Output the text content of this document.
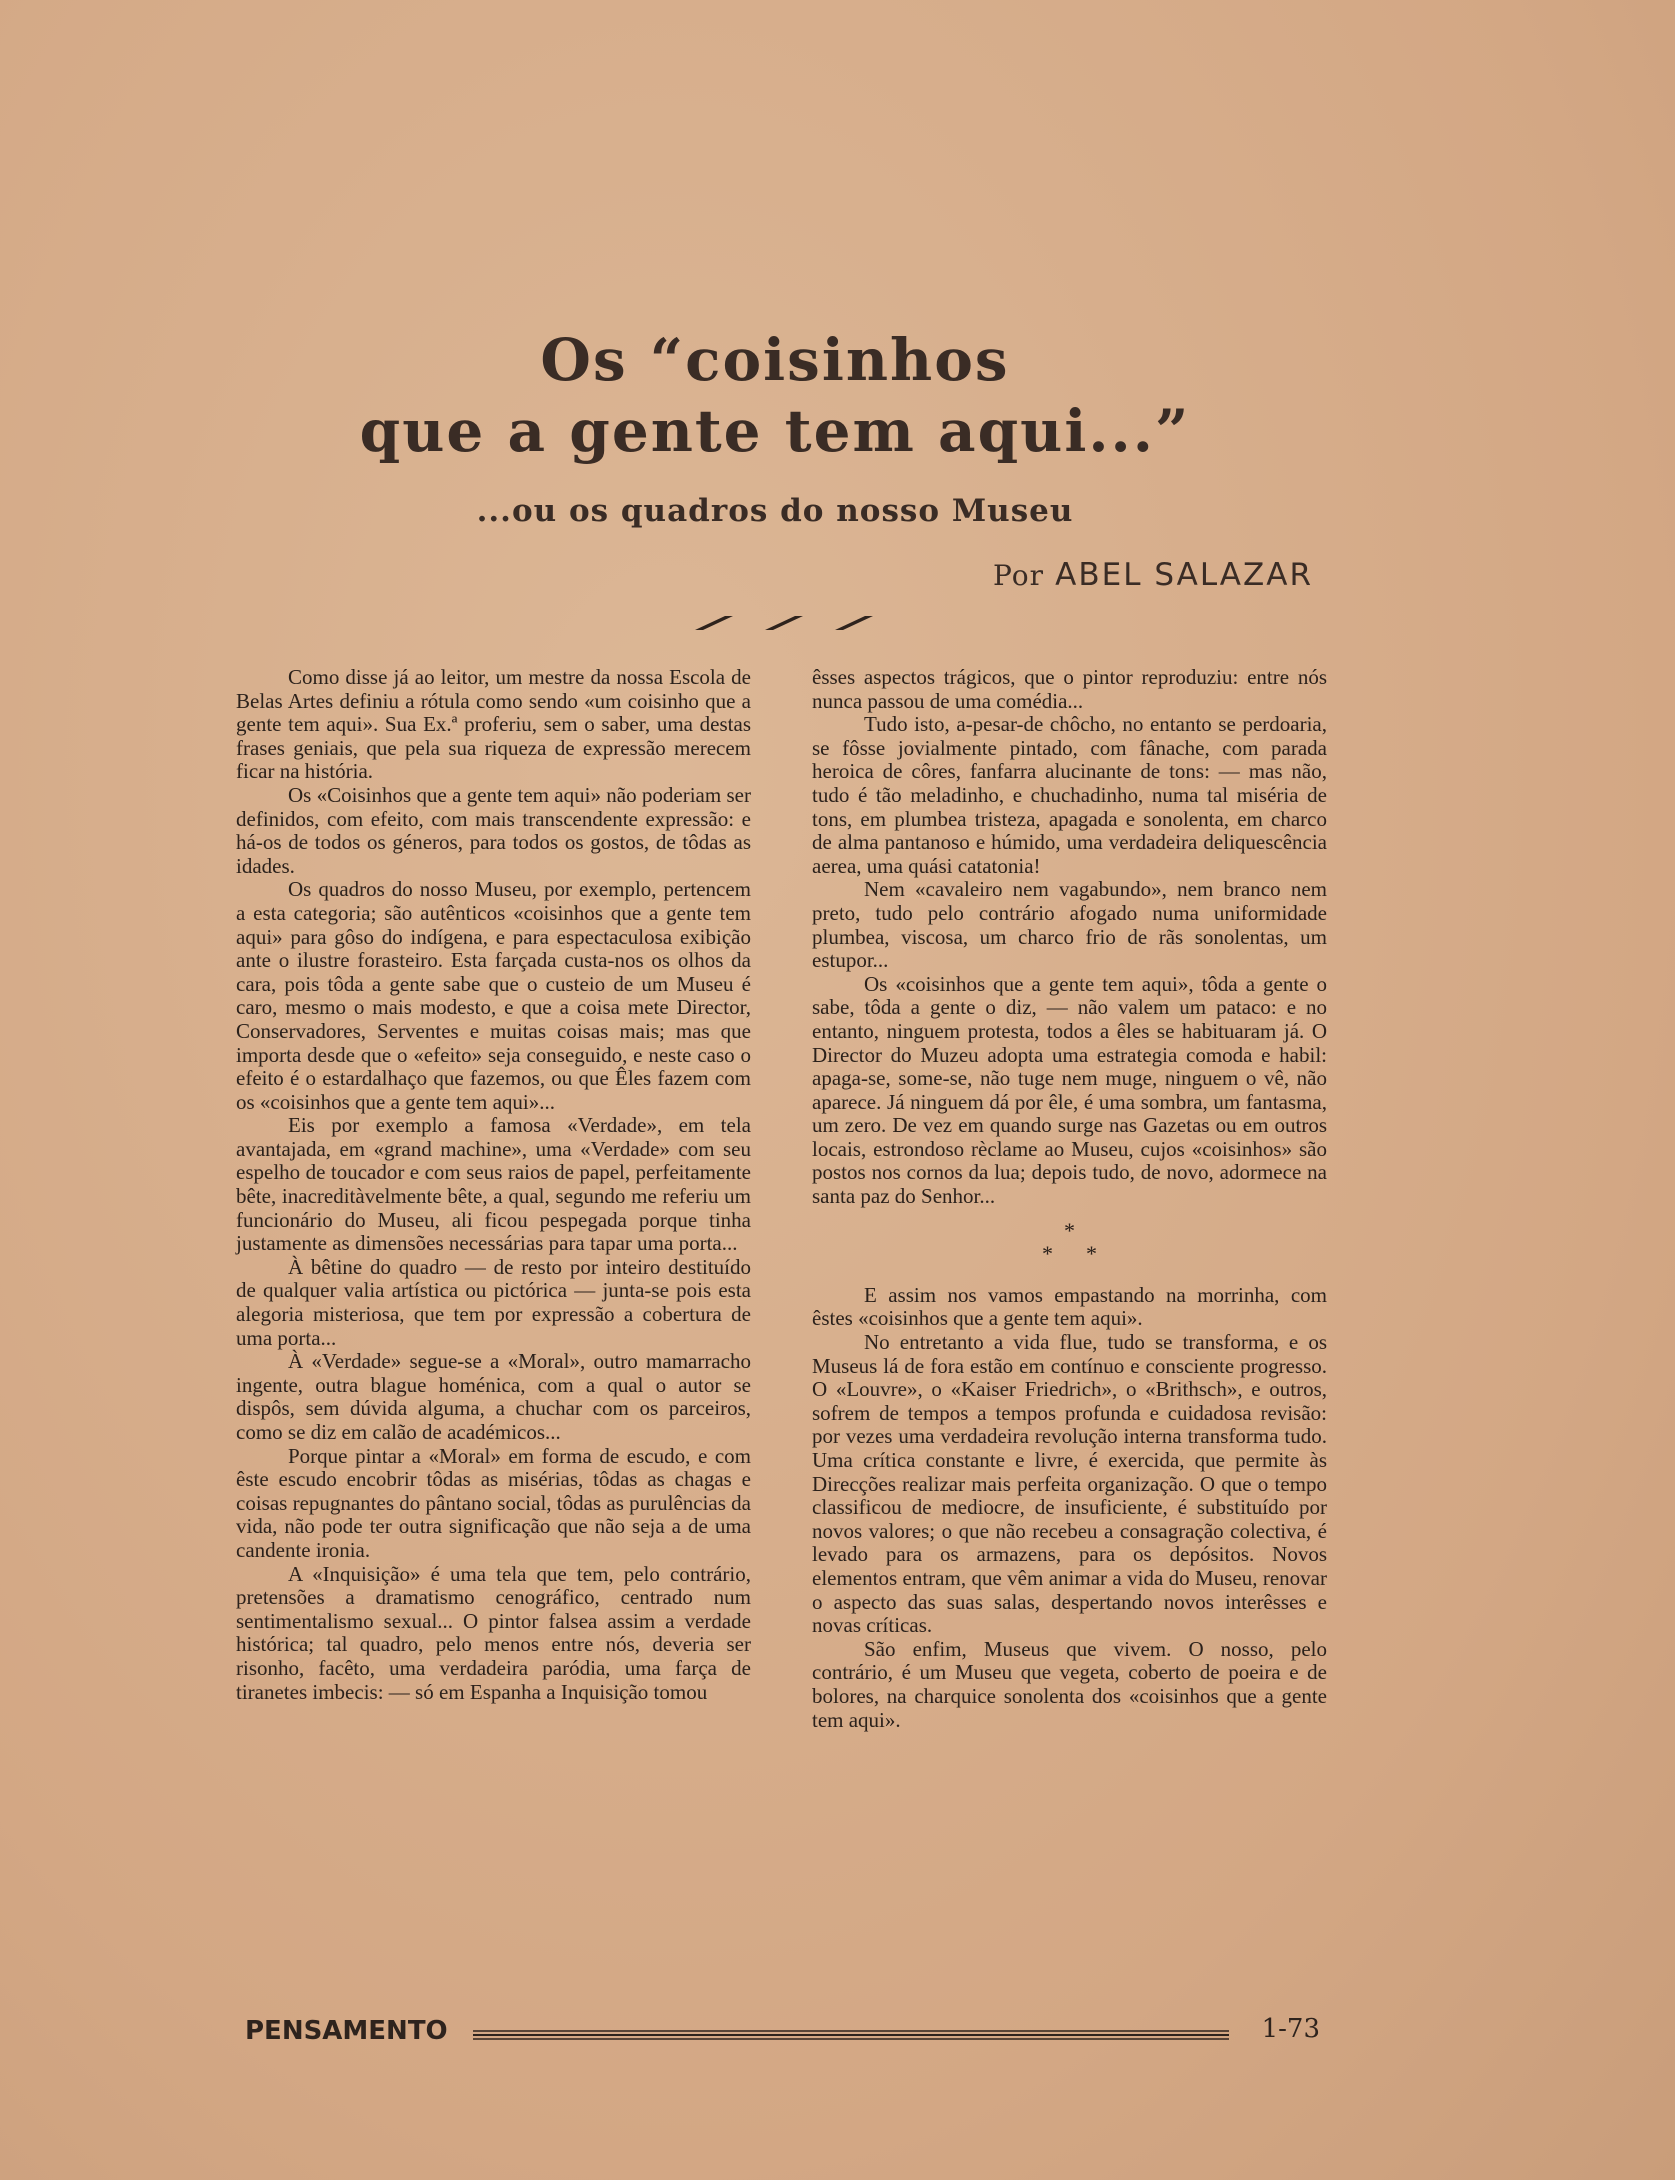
Os “coisinhos
que a gente tem aqui...”
...ou os quadros do nosso Museu
Por ABEL SALAZAR

Como disse já ao leitor, um mestre da nossa Escola de Belas Artes definiu a rótula como sendo «um coisinho que a gente tem aqui». Sua Ex.ª proferiu, sem o saber, uma destas frases geniais, que pela sua riqueza de expressão merecem ficar na história.

Os «Coisinhos que a gente tem aqui» não poderiam ser definidos, com efeito, com mais transcendente expressão: e há-os de todos os géneros, para todos os gostos, de tôdas as idades.

Os quadros do nosso Museu, por exemplo, pertencem a esta categoria; são autênticos «coisinhos que a gente tem aqui» para gôso do indígena, e para espectaculosa exibição ante o ilustre forasteiro. Esta farçada custa-nos os olhos da cara, pois tôda a gente sabe que o custeio de um Museu é caro, mesmo o mais modesto, e que a coisa mete Director, Conservadores, Serventes e muitas coisas mais; mas que importa desde que o «efeito» seja conseguido, e neste caso o efeito é o estardalhaço que fazemos, ou que Êles fazem com os «coisinhos que a gente tem aqui»...

Eis por exemplo a famosa «Verdade», em tela avantajada, em «grand machine», uma «Verdade» com seu espelho de toucador e com seus raios de papel, perfeitamente bête, inacreditàvelmente bête, a qual, segundo me referiu um funcionário do Museu, ali ficou pespegada porque tinha justamente as dimensões necessárias para tapar uma porta...

À bêtine do quadro — de resto por inteiro destituído de qualquer valia artística ou pictórica — junta-se pois esta alegoria misteriosa, que tem por expressão a cobertura de uma porta...

À «Verdade» segue-se a «Moral», outro mamarracho ingente, outra blague homénica, com a qual o autor se dispôs, sem dúvida alguma, a chuchar com os parceiros, como se diz em calão de académicos...

Porque pintar a «Moral» em forma de escudo, e com êste escudo encobrir tôdas as misérias, tôdas as chagas e coisas repugnantes do pântano social, tôdas as purulências da vida, não pode ter outra significação que não seja a de uma candente ironia.

A «Inquisição» é uma tela que tem, pelo contrário, pretensões a dramatismo cenográfico, centrado num sentimentalismo sexual... O pintor falsea assim a verdade histórica; tal quadro, pelo menos entre nós, deveria ser risonho, facêto, uma verdadeira paródia, uma farça de tiranetes imbecis: — só em Espanha a Inquisição tomou

êsses aspectos trágicos, que o pintor reproduziu: entre nós nunca passou de uma comédia...

Tudo isto, a-pesar-de chôcho, no entanto se perdoaria, se fôsse jovialmente pintado, com fânache, com parada heroica de côres, fanfarra alucinante de tons: — mas não, tudo é tão meladinho, e chuchadinho, numa tal miséria de tons, em plumbea tristeza, apagada e sonolenta, em charco de alma pantanoso e húmido, uma verdadeira deliquescência aerea, uma quási catatonia!

Nem «cavaleiro nem vagabundo», nem branco nem preto, tudo pelo contrário afogado numa uniformidade plumbea, viscosa, um charco frio de rãs sonolentas, um estupor...

Os «coisinhos que a gente tem aqui», tôda a gente o sabe, tôda a gente o diz, — não valem um pataco: e no entanto, ninguem protesta, todos a êles se habituaram já. O Director do Muzeu adopta uma estrategia comoda e habil: apaga-se, some-se, não tuge nem muge, ninguem o vê, não aparece. Já ninguem dá por êle, é uma sombra, um fantasma, um zero. De vez em quando surge nas Gazetas ou em outros locais, estrondoso rèclame ao Museu, cujos «coisinhos» são postos nos cornos da lua; depois tudo, de novo, adormece na santa paz do Senhor...

*
*      *

E assim nos vamos empastando na morrinha, com êstes «coisinhos que a gente tem aqui».

No entretanto a vida flue, tudo se transforma, e os Museus lá de fora estão em contínuo e consciente progresso. O «Louvre», o «Kaiser Friedrich», o «Brithsch», e outros, sofrem de tempos a tempos profunda e cuidadosa revisão: por vezes uma verdadeira revolução interna transforma tudo. Uma crítica constante e livre, é exercida, que permite às Direcções realizar mais perfeita organização. O que o tempo classificou de mediocre, de insuficiente, é substituído por novos valores; o que não recebeu a consagração colectiva, é levado para os armazens, para os depósitos. Novos elementos entram, que vêm animar a vida do Museu, renovar o aspecto das suas salas, despertando novos interêsses e novas críticas.

São enfim, Museus que vivem. O nosso, pelo contrário, é um Museu que vegeta, coberto de poeira e de bolores, na charquice sonolenta dos «coisinhos que a gente tem aqui».

PENSAMENTO	1-73
